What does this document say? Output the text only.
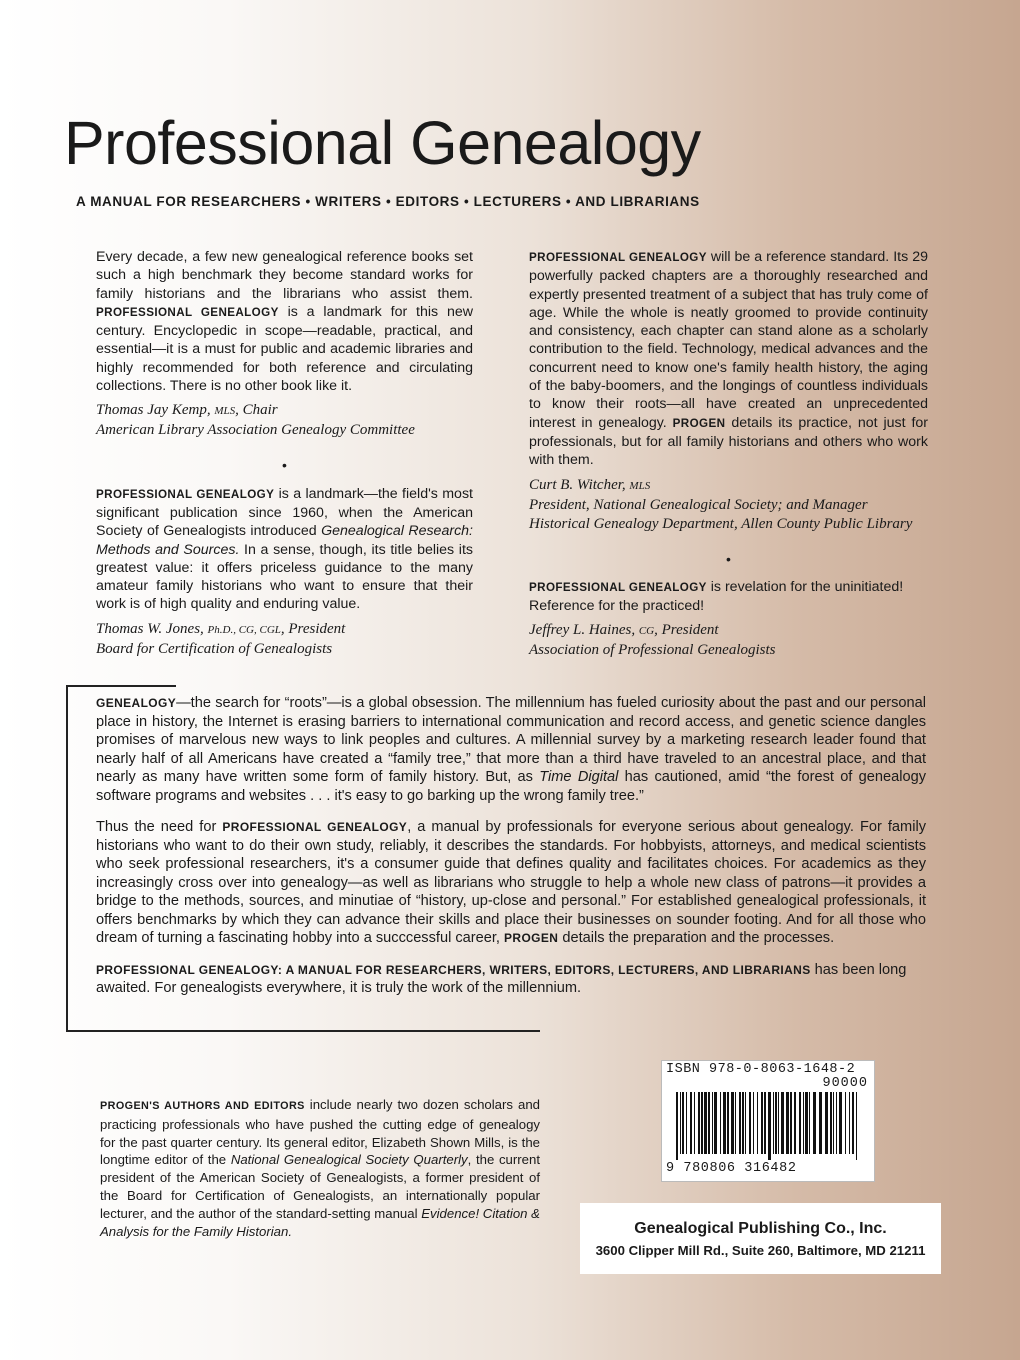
Professional Genealogy
A MANUAL FOR RESEARCHERS • WRITERS • EDITORS • LECTURERS • AND LIBRARIANS

Every decade, a few new genealogical reference books set such a high benchmark they become standard works for family historians and the librarians who assist them. PROFESSIONAL GENEALOGY is a landmark for this new century. Encyclopedic in scope—readable, practical, and essential—it is a must for public and academic libraries and highly recommended for both reference and circulating collections. There is no other book like it.

Thomas Jay Kemp, MLS, Chair
American Library Association Genealogy Committee
•

PROFESSIONAL GENEALOGY is a landmark—the field's most significant publication since 1960, when the American Society of Genealogists introduced Genealogical Research: Methods and Sources. In a sense, though, its title belies its greatest value: it offers priceless guidance to the many amateur family historians who want to ensure that their work is of high quality and enduring value.

Thomas W. Jones, Ph.D., CG, CGL, President
Board for Certification of Genealogists

PROFESSIONAL GENEALOGY will be a reference standard. Its 29 powerfully packed chapters are a thoroughly researched and expertly presented treatment of a subject that has truly come of age. While the whole is neatly groomed to provide continuity and consistency, each chapter can stand alone as a scholarly contribution to the field. Technology, medical advances and the concurrent need to know one's family health history, the aging of the baby-boomers, and the longings of countless individuals to know their roots—all have created an unprecedented interest in genealogy. PROGEN details its practice, not just for professionals, but for all family historians and others who work with them.

Curt B. Witcher, MLS
President, National Genealogical Society; and Manager
Historical Genealogy Department, Allen County Public Library
•

PROFESSIONAL GENEALOGY is revelation for the uninitiated! Reference for the practiced!

Jeffrey L. Haines, CG, President
Association of Professional Genealogists

GENEALOGY—the search for “roots”—is a global obsession. The millennium has fueled curiosity about the past and our personal place in history, the Internet is erasing barriers to international communication and record access, and genetic science dangles promises of marvelous new ways to link peoples and cultures. A millennial survey by a marketing research leader found that nearly half of all Americans have created a “family tree,” that more than a third have traveled to an ancestral place, and that nearly as many have written some form of family history. But, as Time Digital has cautioned, amid “the forest of genealogy software programs and websites . . . it's easy to go barking up the wrong family tree.”

Thus the need for PROFESSIONAL GENEALOGY, a manual by professionals for everyone serious about genealogy. For family historians who want to do their own study, reliably, it describes the standards. For hobbyists, attorneys, and medical scientists who seek professional researchers, it's a consumer guide that defines quality and facilitates choices. For academics as they increasingly cross over into genealogy—as well as librarians who struggle to help a whole new class of patrons—it provides a bridge to the methods, sources, and minutiae of “history, up-close and personal.” For established genealogical professionals, it offers benchmarks by which they can advance their skills and place their businesses on sounder footing. And for all those who dream of turning a fascinating hobby into a succcessful career, PROGEN details the preparation and the processes.

PROFESSIONAL GENEALOGY: A MANUAL FOR RESEARCHERS, WRITERS, EDITORS, LECTURERS, AND LIBRARIANS has been long awaited. For genealogists everywhere, it is truly the work of the millennium.

PROGEN'S AUTHORS AND EDITORS include nearly two dozen scholars and practicing professionals who have pushed the cutting edge of genealogy for the past quarter century. Its general editor, Elizabeth Shown Mills, is the longtime editor of the National Genealogical Society Quarterly, the current president of the American Society of Genealogists, a former president of the Board for Certification of Genealogists, an internationally popular lecturer, and the author of the standard-setting manual Evidence! Citation & Analysis for the Family Historian.

ISBN 978-0-8063-1648-2
90000
9 780806 316482
Genealogical Publishing Co., Inc.
3600 Clipper Mill Rd., Suite 260, Baltimore, MD 21211
